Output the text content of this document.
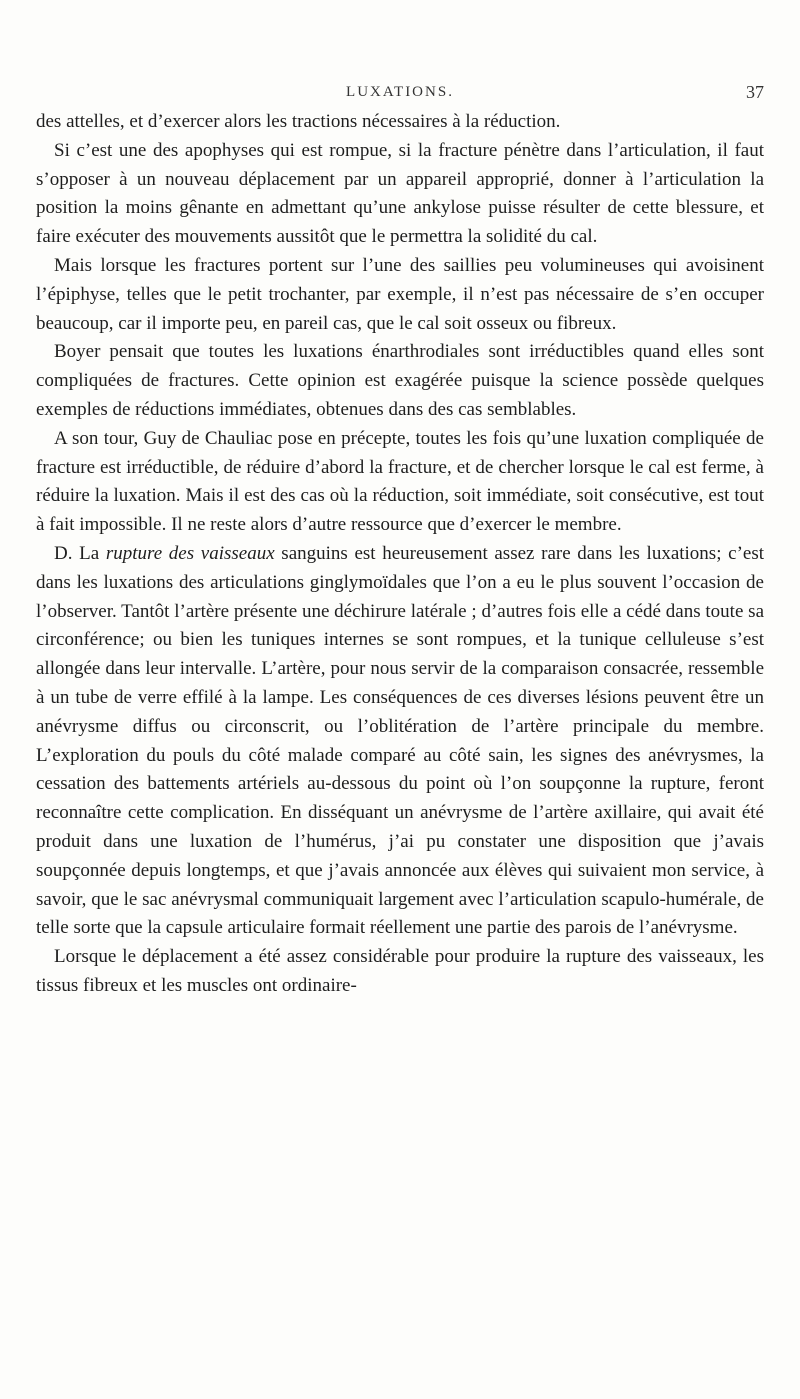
LUXATIONS.	37

des attelles, et d’exercer alors les tractions nécessaires à la réduction.

Si c’est une des apophyses qui est rompue, si la fracture pénètre dans l’articulation, il faut s’opposer à un nouveau déplacement par un appareil approprié, donner à l’articulation la position la moins gênante en admettant qu’une ankylose puisse résulter de cette blessure, et faire exécuter des mouvements aussitôt que le permettra la solidité du cal.

Mais lorsque les fractures portent sur l’une des saillies peu volumineuses qui avoisinent l’épiphyse, telles que le petit trochanter, par exemple, il n’est pas nécessaire de s’en occuper beaucoup, car il importe peu, en pareil cas, que le cal soit osseux ou fibreux.

Boyer pensait que toutes les luxations énarthrodiales sont irréductibles quand elles sont compliquées de fractures. Cette opinion est exagérée puisque la science possède quelques exemples de réductions immédiates, obtenues dans des cas semblables.

A son tour, Guy de Chauliac pose en précepte, toutes les fois qu’une luxation compliquée de fracture est irréductible, de réduire d’abord la fracture, et de chercher lorsque le cal est ferme, à réduire la luxation. Mais il est des cas où la réduction, soit immédiate, soit consécutive, est tout à fait impossible. Il ne reste alors d’autre ressource que d’exercer le membre.

D. La rupture des vaisseaux sanguins est heureusement assez rare dans les luxations; c’est dans les luxations des articulations ginglymoïdales que l’on a eu le plus souvent l’occasion de l’observer. Tantôt l’artère présente une déchirure latérale ; d’autres fois elle a cédé dans toute sa circonférence; ou bien les tuniques internes se sont rompues, et la tunique celluleuse s’est allongée dans leur intervalle. L’artère, pour nous servir de la comparaison consacrée, ressemble à un tube de verre effilé à la lampe. Les conséquences de ces diverses lésions peuvent être un anévrysme diffus ou circonscrit, ou l’oblitération de l’artère principale du membre. L’exploration du pouls du côté malade comparé au côté sain, les signes des anévrysmes, la cessation des battements artériels au-dessous du point où l’on soupçonne la rupture, feront reconnaître cette complication. En disséquant un anévrysme de l’artère axillaire, qui avait été produit dans une luxation de l’humérus, j’ai pu constater une disposition que j’avais soupçonnée depuis longtemps, et que j’avais annoncée aux élèves qui suivaient mon service, à savoir, que le sac anévrysmal communiquait largement avec l’articulation scapulo-humérale, de telle sorte que la capsule articulaire formait réellement une partie des parois de l’anévrysme.

Lorsque le déplacement a été assez considérable pour produire la rupture des vaisseaux, les tissus fibreux et les muscles ont ordinaire-
